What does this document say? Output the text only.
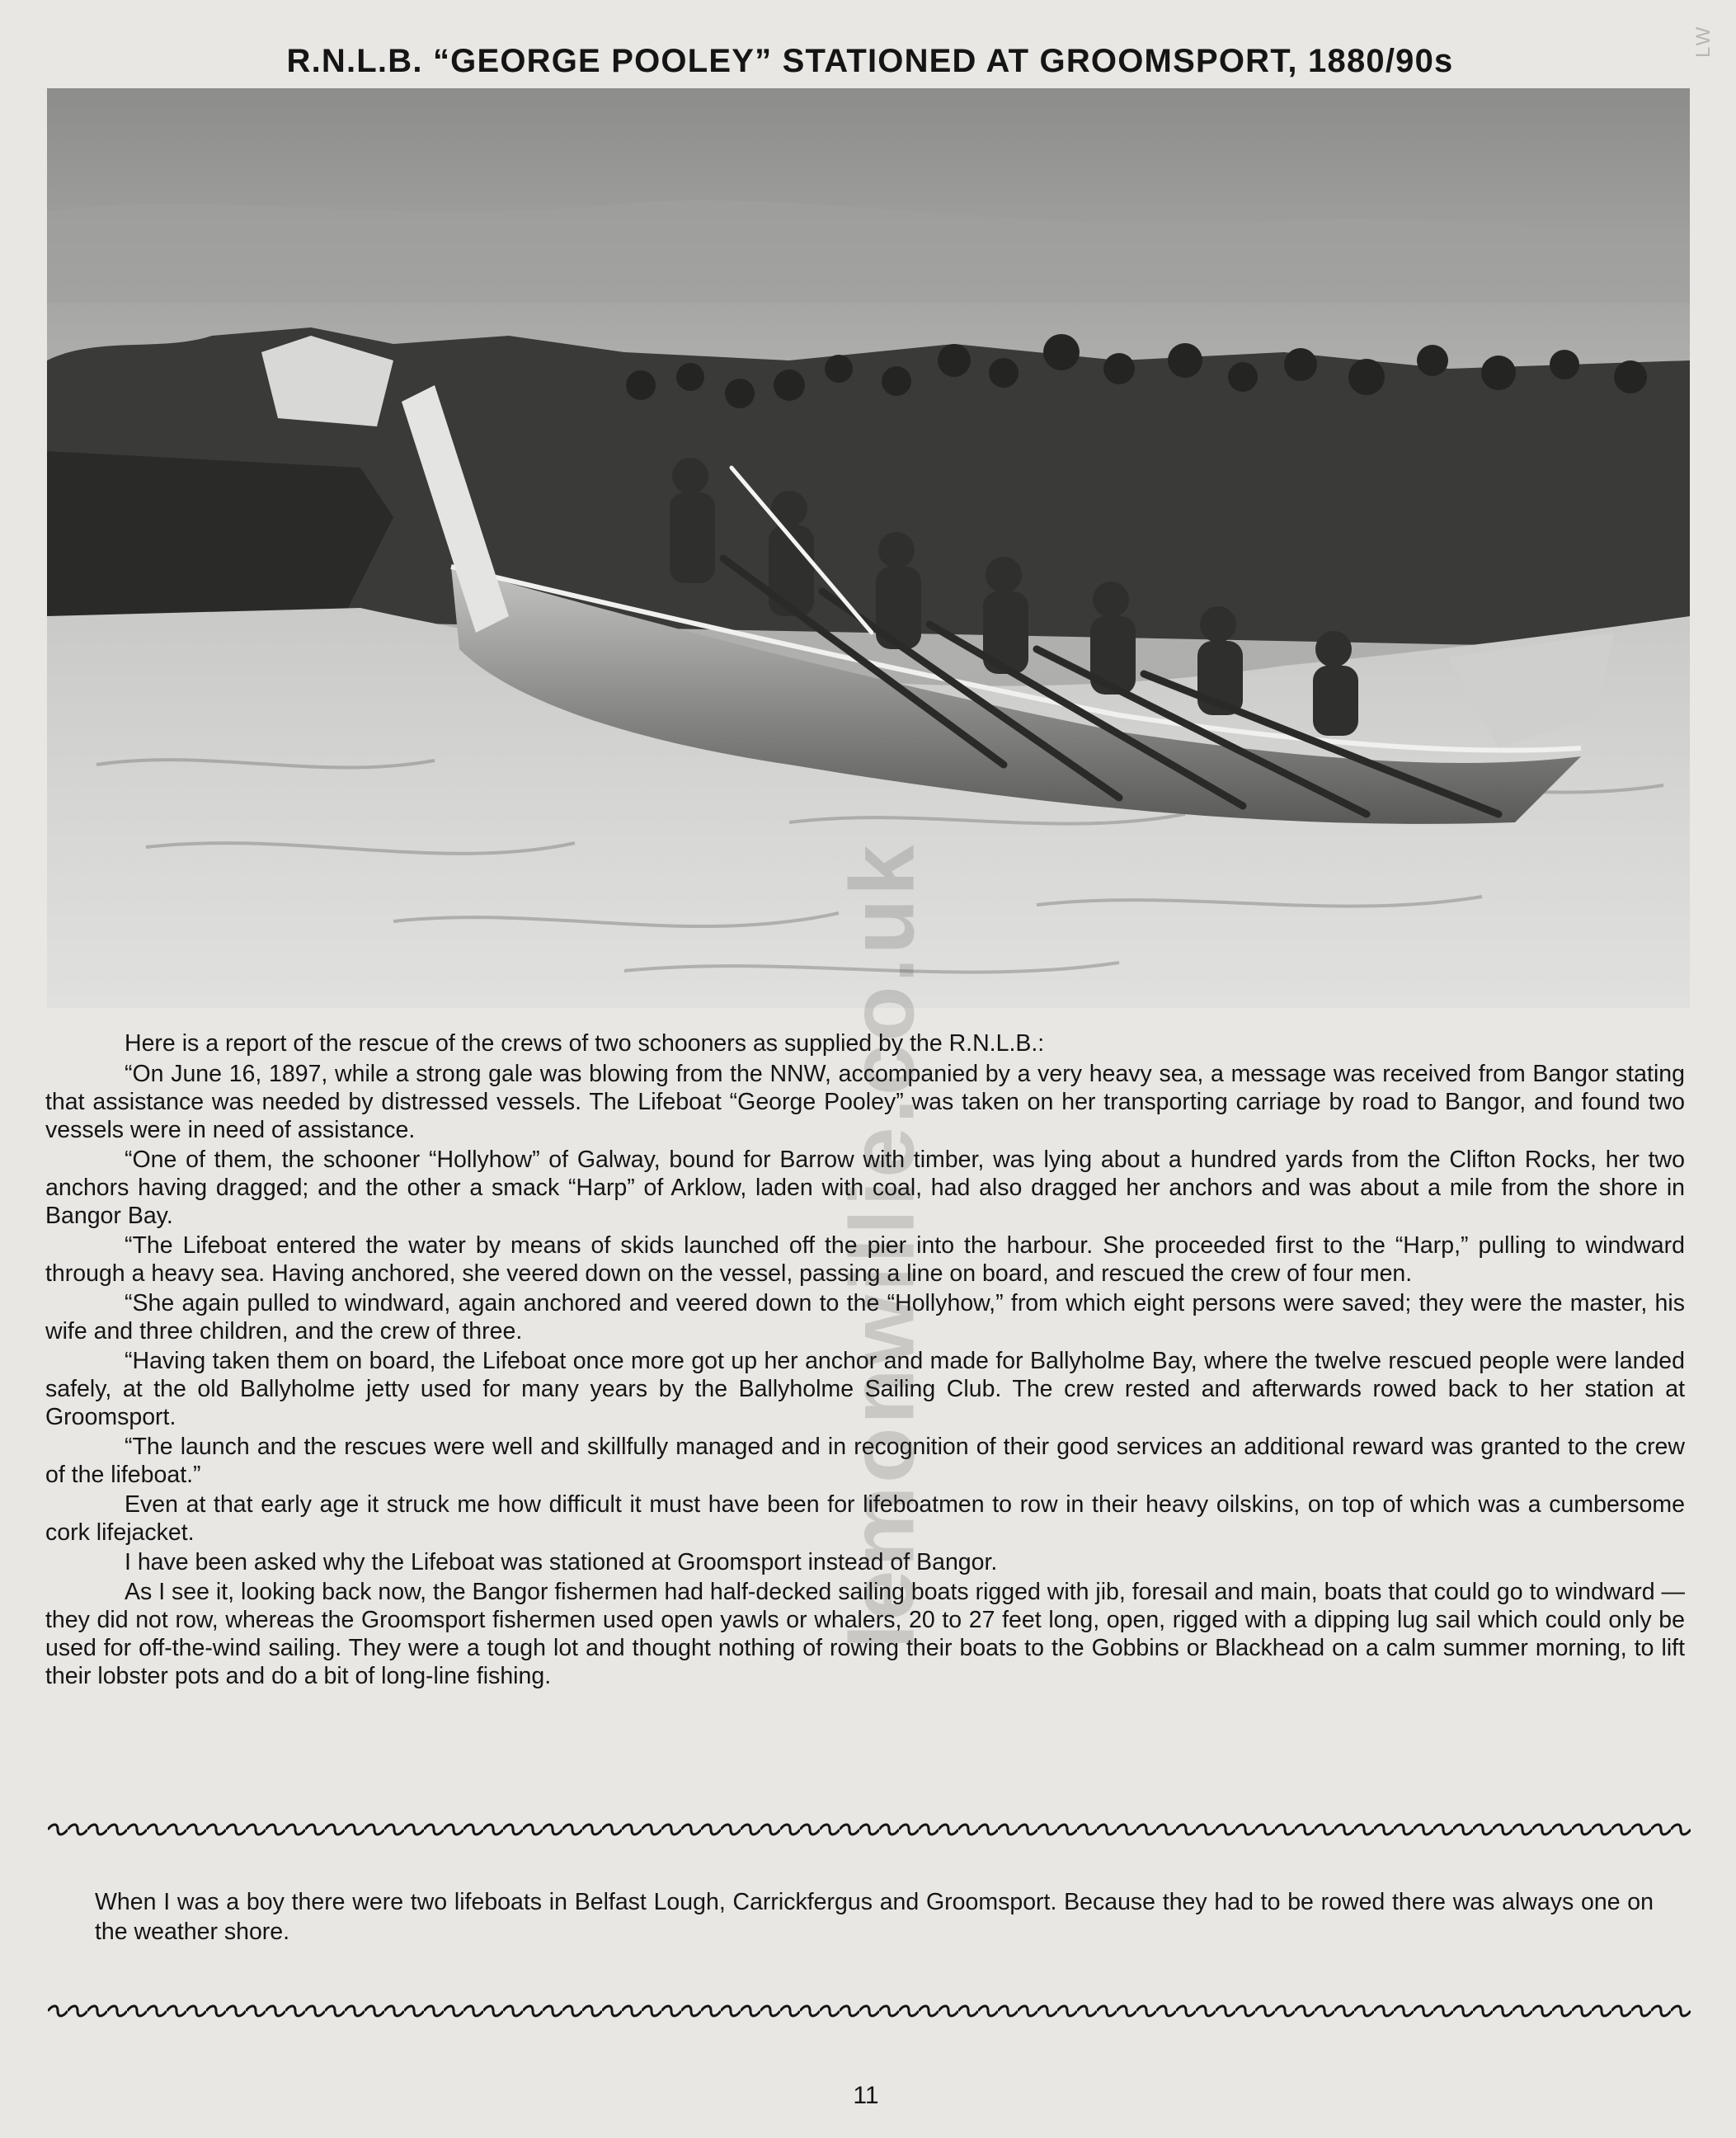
LW
R.N.L.B. “GEORGE POOLEY” STATIONED AT GROOMSPORT, 1880/90s

Here is a report of the rescue of the crews of two schooners as supplied by the R.N.L.B.:

“On June 16, 1897, while a strong gale was blowing from the NNW, accompanied by a very heavy sea, a message was received from Bangor stating that assistance was needed by distressed vessels. The Lifeboat “George Pooley” was taken on her transporting carriage by road to Bangor, and found two vessels were in need of assistance.

“One of them, the schooner “Hollyhow” of Galway, bound for Barrow with timber, was lying about a hundred yards from the Clifton Rocks, her two anchors having dragged; and the other a smack “Harp” of Arklow, laden with coal, had also dragged her anchors and was about a mile from the shore in Bangor Bay.

“The Lifeboat entered the water by means of skids launched off the pier into the harbour. She proceeded first to the “Harp,” pulling to windward through a heavy sea. Having anchored, she veered down on the vessel, passing a line on board, and rescued the crew of four men.

“She again pulled to windward, again anchored and veered down to the “Hollyhow,” from which eight persons were saved; they were the master, his wife and three children, and the crew of three.

“Having taken them on board, the Lifeboat once more got up her anchor and made for Ballyholme Bay, where the twelve rescued people were landed safely, at the old Ballyholme jetty used for many years by the Ballyholme Sailing Club. The crew rested and afterwards rowed back to her station at Groomsport.

“The launch and the rescues were well and skillfully managed and in recognition of their good services an additional reward was granted to the crew of the lifeboat.”

Even at that early age it struck me how difficult it must have been for lifeboatmen to row in their heavy oilskins, on top of which was a cumbersome cork lifejacket.

I have been asked why the Lifeboat was stationed at Groomsport instead of Bangor.

As I see it, looking back now, the Bangor fishermen had half-decked sailing boats rigged with jib, foresail and main, boats that could go to windward — they did not row, whereas the Groomsport fishermen used open yawls or whalers, 20 to 27 feet long, open, rigged with a dipping lug sail which could only be used for off-the-wind sailing. They were a tough lot and thought nothing of rowing their boats to the Gobbins or Blackhead on a calm summer morning, to lift their lobster pots and do a bit of long-line fishing.

When I was a boy there were two lifeboats in Belfast Lough, Carrickfergus and Groomsport. Because they had to be rowed there was always one on the weather shore.

lemonwillie.co.uk
11
